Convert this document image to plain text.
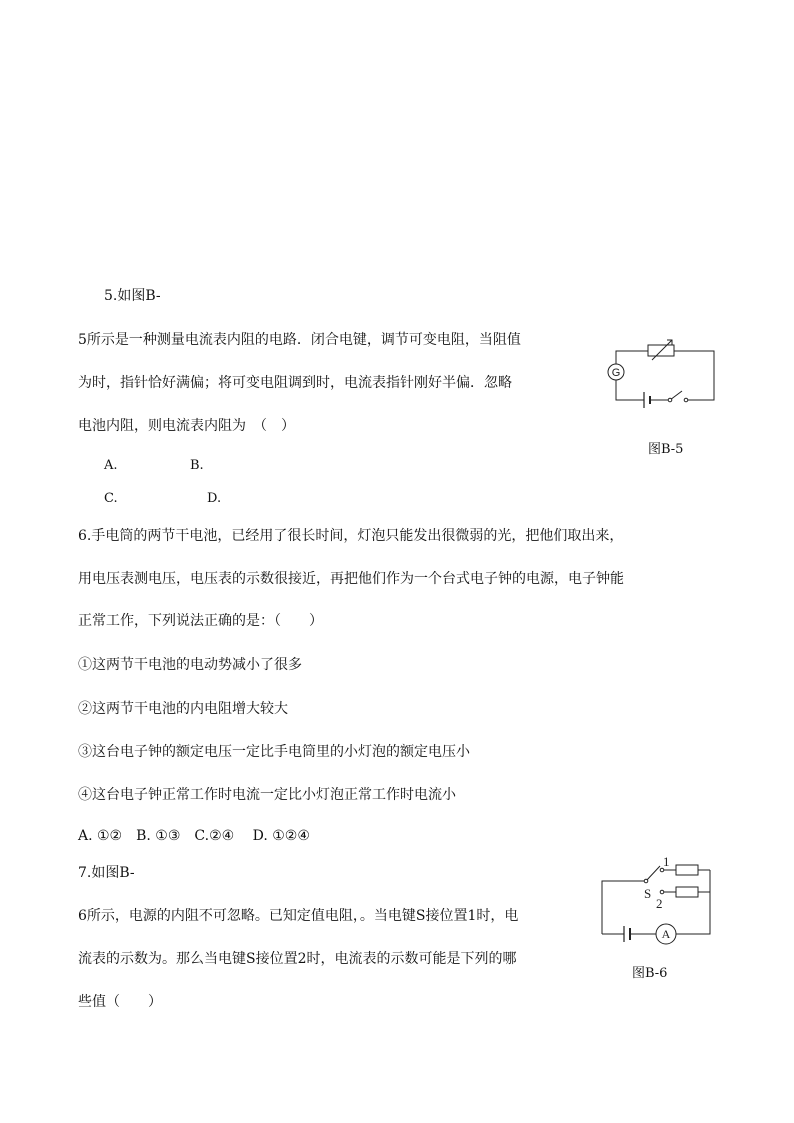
5.如图B-
5所示是一种测量电流表内阻的电路．闭合电键，调节可变电阻，当阻值
为时，指针恰好满偏；将可变电阻调到时，电流表指针刚好半偏．忽略
电池内阻，则电流表内阻为　（　）
A.	B.
C.	D.
G
图B-5
6.手电筒的两节干电池，已经用了很长时间，灯泡只能发出很微弱的光，把他们取出来，
用电压表测电压，电压表的示数很接近，再把他们作为一个台式电子钟的电源，电子钟能
正常工作，下列说法正确的是：（　　）
①这两节干电池的电动势减小了很多
②这两节干电池的内电阻增大较大
③这台电子钟的额定电压一定比手电筒里的小灯泡的额定电压小
④这台电子钟正常工作时电流一定比小灯泡正常工作时电流小
A. ①②　B. ①③　C.②④　 D. ①②④
7.如图B-
6所示，电源的内阻不可忽略。已知定值电阻，。当电键S接位置1时，电
流表的示数为。那么当电键S接位置2时，电流表的示数可能是下列的哪
些值（　　）
A
S
1
2
图B-6
